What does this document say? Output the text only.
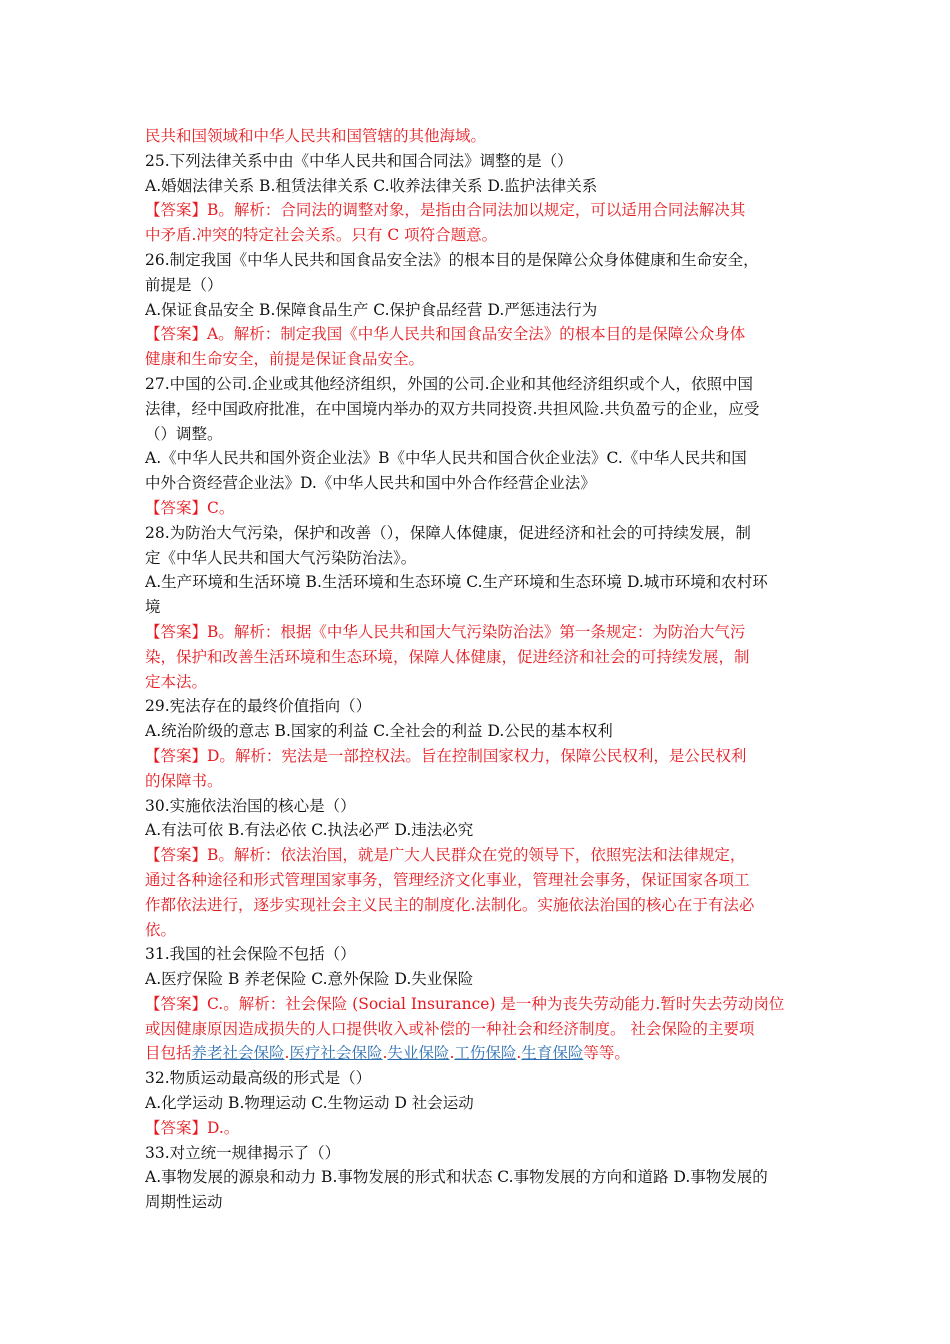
民共和国领域和中华人民共和国管辖的其他海域。
25.下列法律关系中由《中华人民共和国合同法》调整的是（）
A.婚姻法律关系 B.租赁法律关系 C.收养法律关系 D.监护法律关系
【答案】B。解析：合同法的调整对象，是指由合同法加以规定，可以适用合同法解决其
中矛盾.冲突的特定社会关系。只有 C 项符合题意。
26.制定我国《中华人民共和国食品安全法》的根本目的是保障公众身体健康和生命安全，
前提是（）
A.保证食品安全 B.保障食品生产 C.保护食品经营 D.严惩违法行为
【答案】A。解析：制定我国《中华人民共和国食品安全法》的根本目的是保障公众身体
健康和生命安全，前提是保证食品安全。
27.中国的公司.企业或其他经济组织，外国的公司.企业和其他经济组织或个人，依照中国
法律，经中国政府批准，在中国境内举办的双方共同投资.共担风险.共负盈亏的企业，应受
（）调整。
A.《中华人民共和国外资企业法》B《中华人民共和国合伙企业法》C.《中华人民共和国
中外合资经营企业法》D.《中华人民共和国中外合作经营企业法》
【答案】C。
28.为防治大气污染，保护和改善（），保障人体健康，促进经济和社会的可持续发展，制
定《中华人民共和国大气污染防治法》。
A.生产环境和生活环境 B.生活环境和生态环境 C.生产环境和生态环境 D.城市环境和农村环
境
【答案】B。解析：根据《中华人民共和国大气污染防治法》第一条规定：为防治大气污
染，保护和改善生活环境和生态环境，保障人体健康，促进经济和社会的可持续发展，制
定本法。
29.宪法存在的最终价值指向（）
A.统治阶级的意志 B.国家的利益 C.全社会的利益 D.公民的基本权利
【答案】D。解析：宪法是一部控权法。旨在控制国家权力，保障公民权利，是公民权利
的保障书。
30.实施依法治国的核心是（）
A.有法可依 B.有法必依 C.执法必严 D.违法必究
【答案】B。解析：依法治国，就是广大人民群众在党的领导下，依照宪法和法律规定，
通过各种途径和形式管理国家事务，管理经济文化事业，管理社会事务，保证国家各项工
作都依法进行，逐步实现社会主义民主的制度化.法制化。实施依法治国的核心在于有法必
依。
31.我国的社会保险不包括（）
A.医疗保险 B 养老保险 C.意外保险 D.失业保险
【答案】C.。解析：社会保险 (Social Insurance) 是一种为丧失劳动能力.暂时失去劳动岗位
或因健康原因造成损失的人口提供收入或补偿的一种社会和经济制度。 社会保险的主要项
目包括养老社会保险.医疗社会保险.失业保险.工伤保险.生育保险等等。
32.物质运动最高级的形式是（）
A.化学运动 B.物理运动 C.生物运动 D 社会运动
【答案】D.。
33.对立统一规律揭示了（）
A.事物发展的源泉和动力 B.事物发展的形式和状态 C.事物发展的方向和道路 D.事物发展的
周期性运动
